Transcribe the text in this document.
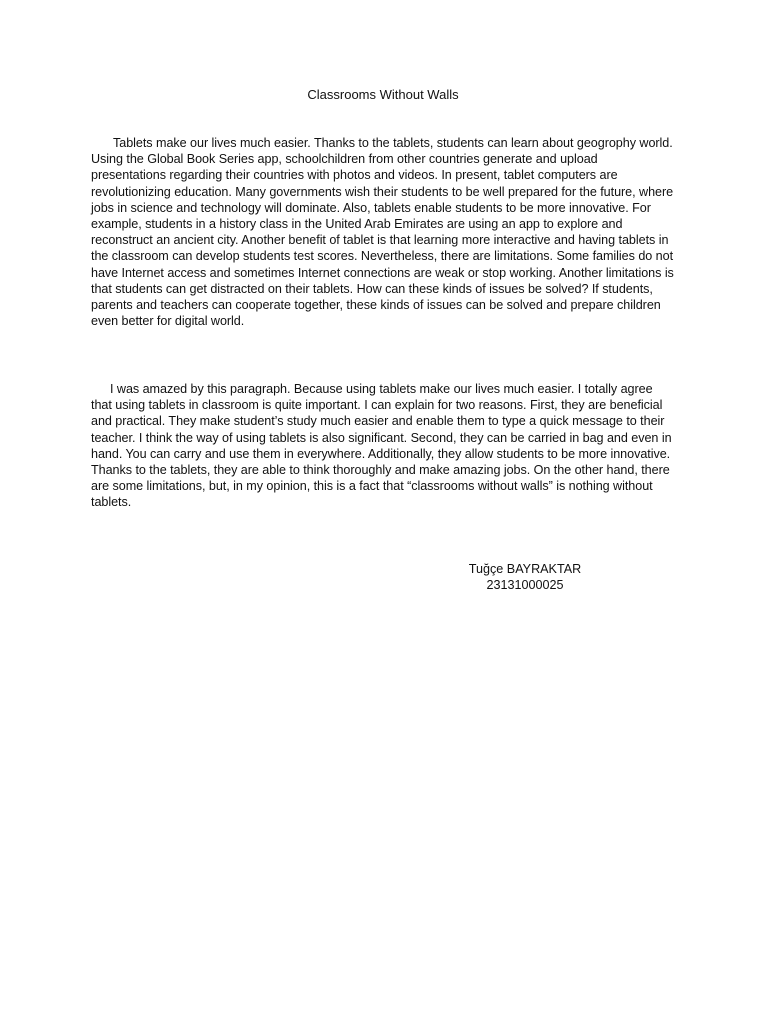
Classrooms Without Walls

Tablets make our lives much easier. Thanks to the tablets, students can learn about geogrophy world. Using the Global Book Series app, schoolchildren from other countries generate and upload presentations regarding their countries with photos and videos. In present, tablet computers are revolutionizing education. Many governments wish their students to be well prepared for the future, where jobs in science and technology will dominate. Also, tablets enable students to be more innovative. For example, students in a history class in the United Arab Emirates are using an app to explore and reconstruct an ancient city. Another benefit of tablet is that learning more interactive and having tablets in the classroom can develop students test scores. Nevertheless, there are limitations. Some families do not have Internet access and sometimes Internet connections are weak or stop working. Another limitations is that students can get distracted on their tablets. How can these kinds of issues be solved? If students, parents and teachers can cooperate together, these kinds of issues can be solved and prepare children even better for digital world.

I was amazed by this paragraph. Because using tablets make our lives much easier. I totally agree that using tablets in classroom is quite important. I can explain for two reasons. First, they are beneficial and practical. They make student’s study much easier and enable them to type a quick message to their teacher. I think the way of using tablets is also significant. Second, they can be carried in bag and even in hand. You can carry and use them in everywhere. Additionally, they allow students to be more innovative. Thanks to the tablets, they are able to think thoroughly and make amazing jobs. On the other hand, there are some limitations, but, in my opinion, this is a fact that “classrooms without walls” is nothing without tablets.

Tuğçe BAYRAKTAR
23131000025
